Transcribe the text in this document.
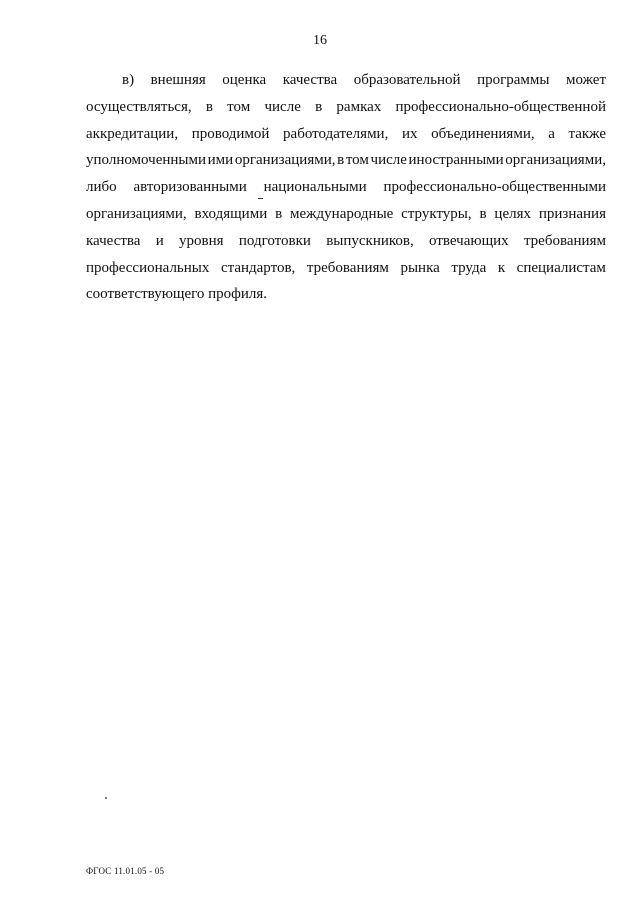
16
в) внешняя оценка качества образовательной программы может
осуществляться, в том числе в рамках профессионально-общественной
аккредитации, проводимой работодателями, их объединениями, а также
уполномоченными ими организациями, в том числе иностранными организациями,
либо авторизованными национальными профессионально-общественными
организациями, входящими в международные структуры, в целях признания
качества и уровня подготовки выпускников, отвечающих требованиям
профессиональных стандартов, требованиям рынка труда к специалистам
соответствующего профиля.
ФГОС 11.01.05 - 05
